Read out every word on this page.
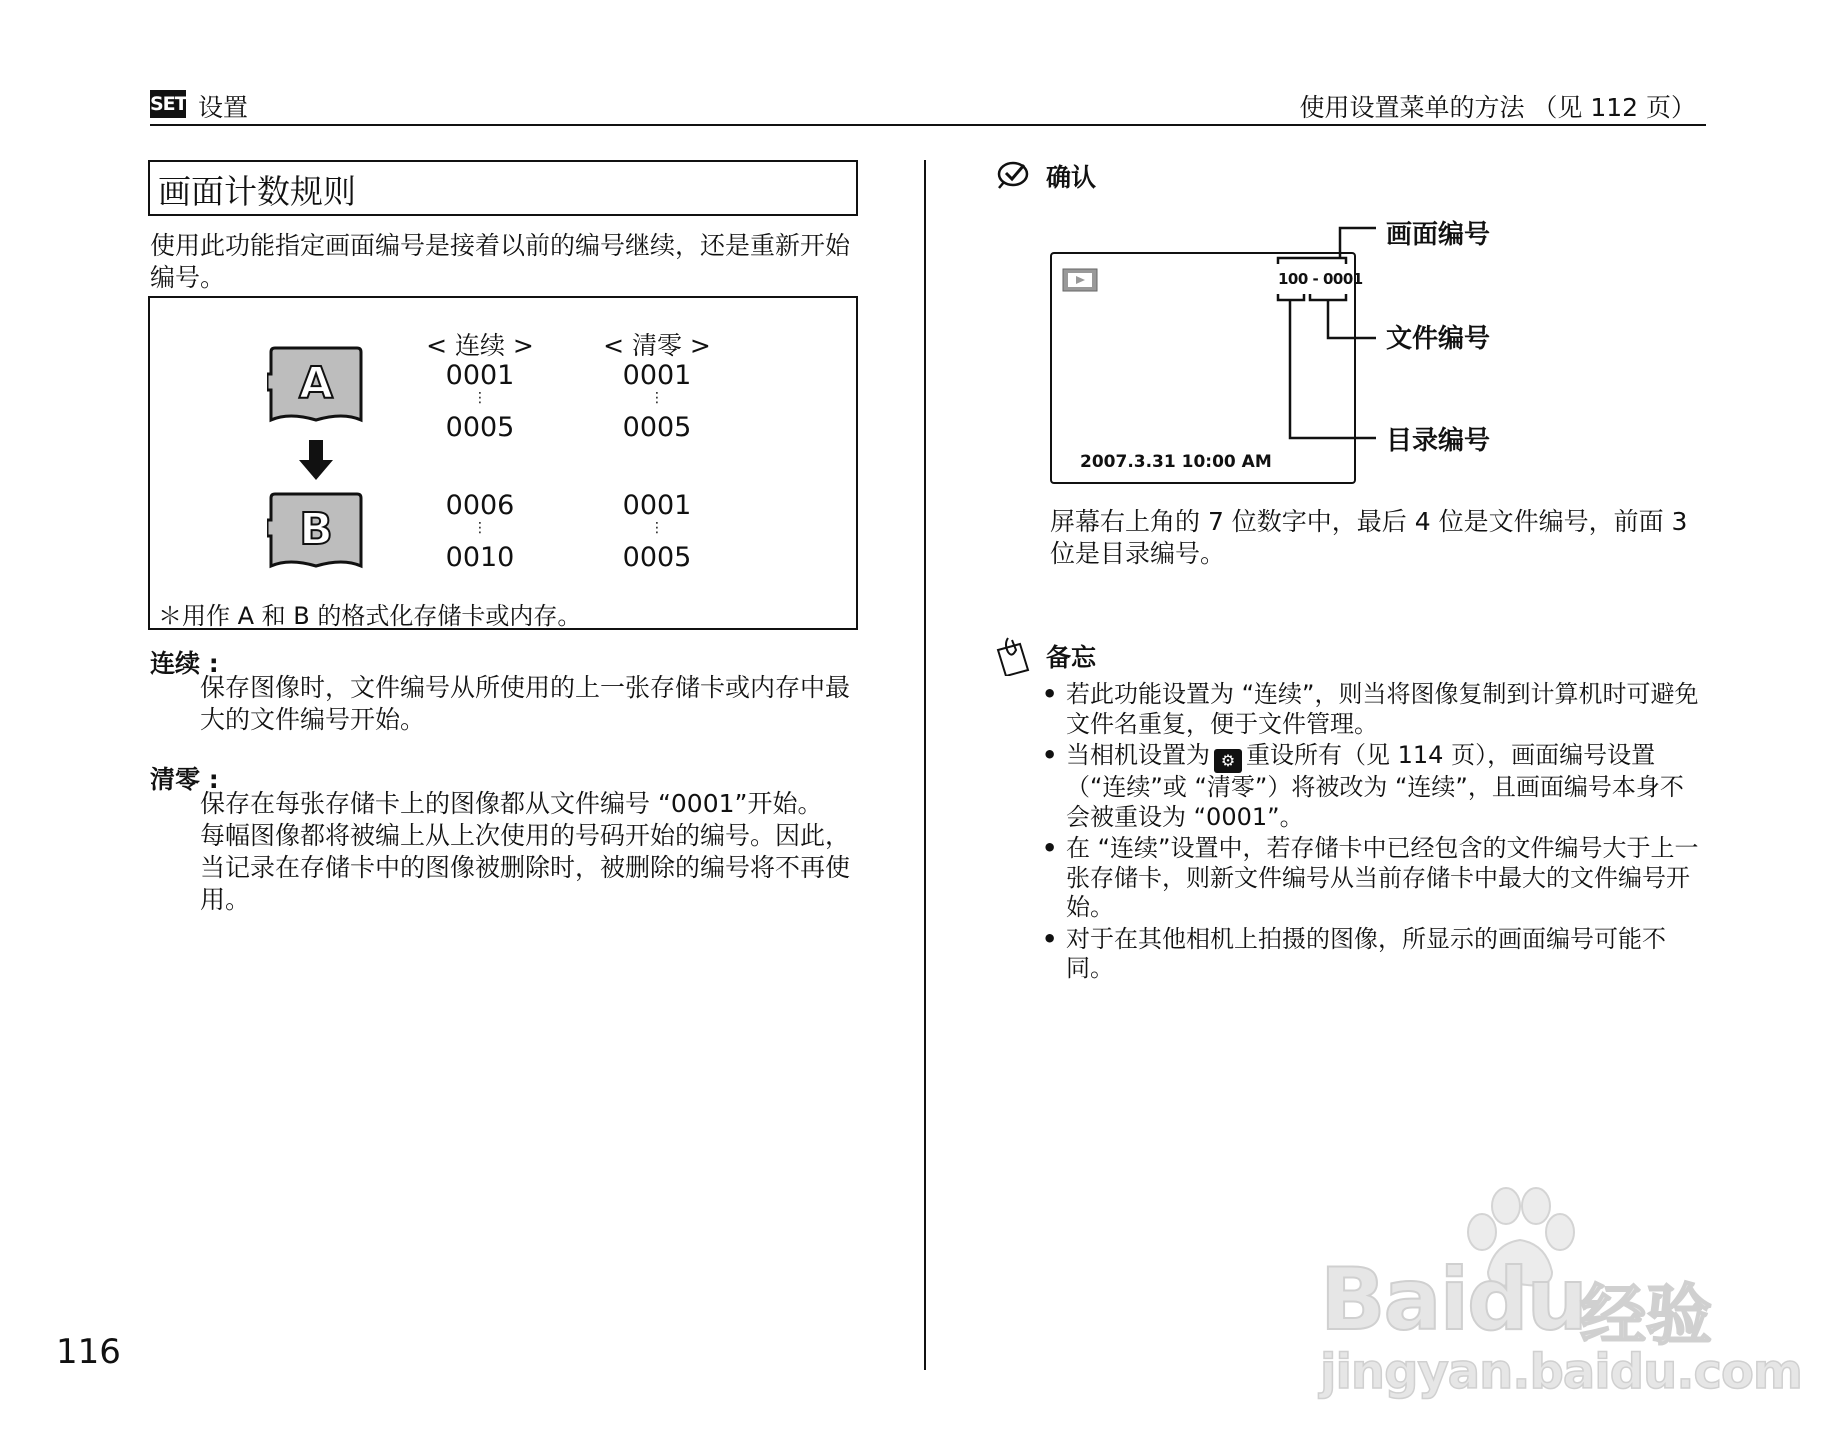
SET 设置	使用设置菜单的方法 （见 112 页）
画面计数规则
使用此功能指定画面编号是接着以前的编号继续，还是重新开始编号。
A
B
< 连续 >	< 清零 >
0001
⋮
0005
0001
⋮
0005
0006
⋮
0010
0001
⋮
0005
＊用作 A 和 B 的格式化存储卡或内存。
连续 :
保存图像时，文件编号从所使用的上一张存储卡或内存中最大的文件编号开始。
清零 :
保存在每张存储卡上的图像都从文件编号 “0001”开始。
每幅图像都将被编上从上次使用的号码开始的编号。因此，当记录在存储卡中的图像被删除时，被删除的编号将不再使用。
116
确认
100 - 0001
2007.3.31 10:00 AM
画面编号
文件编号
目录编号
屏幕右上角的 7 位数字中，最后 4 位是文件编号，前面 3 位是目录编号。
备忘
• 若此功能设置为 “连续”，则当将图像复制到计算机时可避免文件名重复，便于文件管理。
• 当相机设置为 ⚙ 重设所有（见 114 页），画面编号设置（“连续”或 “清零”）将被改为 “连续”，且画面编号本身不会被重设为 “0001”。
• 在 “连续”设置中，若存储卡中已经包含的文件编号大于上一张存储卡，则新文件编号从当前存储卡中最大的文件编号开始。
• 对于在其他相机上拍摄的图像，所显示的画面编号可能不同。
Baidu
经验
jingyan.baidu.com
